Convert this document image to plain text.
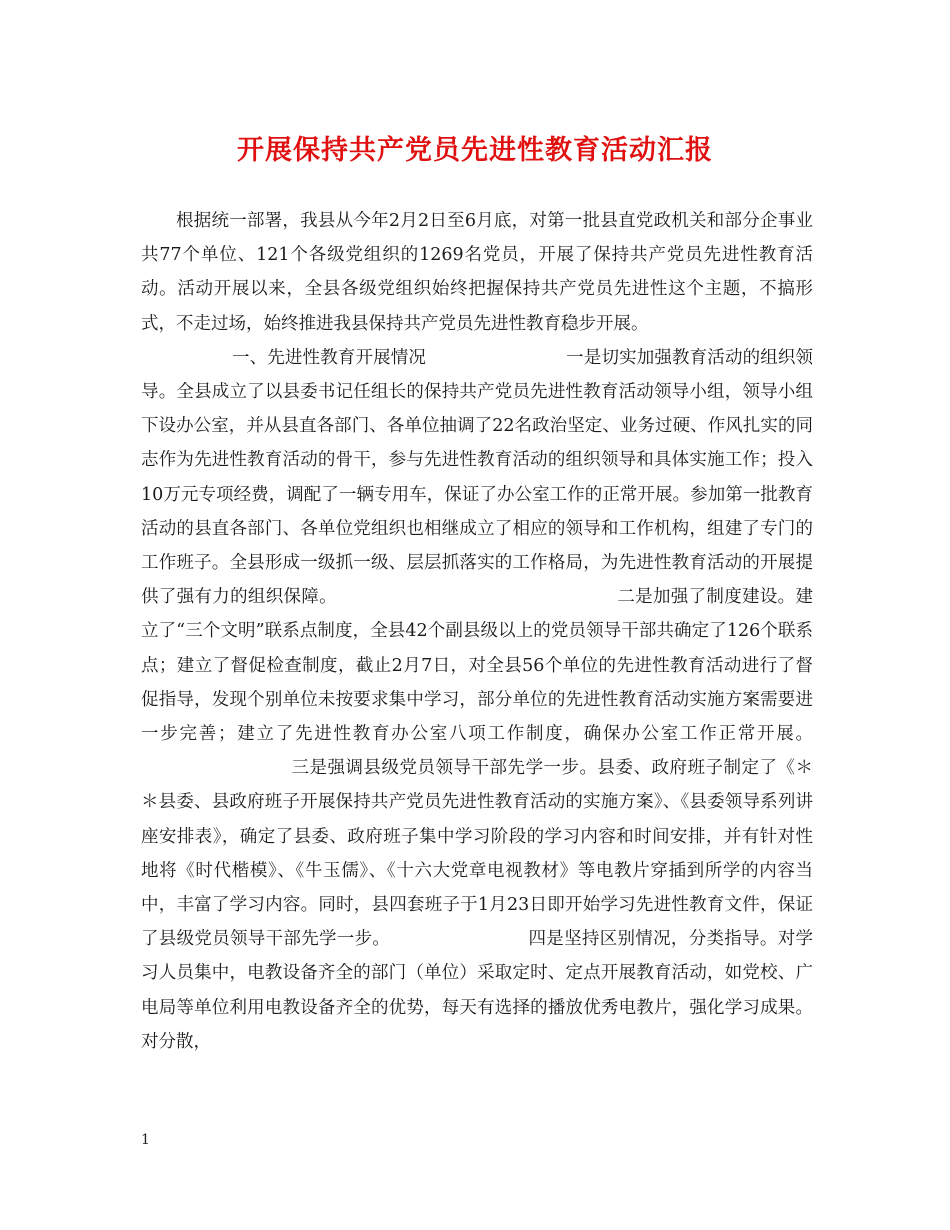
开展保持共产党员先进性教育活动汇报

根据统一部署，我县从今年2月2日至6月底，对第一批县直党政机关和部分企事业共77个单位、121个各级党组织的1269名党员，开展了保持共产党员先进性教育活动。活动开展以来，全县各级党组织始终把握保持共产党员先进性这个主题，不搞形式，不走过场，始终推进我县保持共产党员先进性教育稳步开展。

一、先进性教育开展情况	一是切实加强教育活动的组织领导。全县成立了以县委书记任组长的保持共产党员先进性教育活动领导小组，领导小组下设办公室，并从县直各部门、各单位抽调了22名政治坚定、业务过硬、作风扎实的同志作为先进性教育活动的骨干，参与先进性教育活动的组织领导和具体实施工作；投入10万元专项经费，调配了一辆专用车，保证了办公室工作的正常开展。参加第一批教育活动的县直各部门、各单位党组织也相继成立了相应的领导和工作机构，组建了专门的工作班子。全县形成一级抓一级、层层抓落实的工作格局，为先进性教育活动的开展提供了强有力的组织保障。	二是加强了制度建设。建立了“三个文明”联系点制度，全县42个副县级以上的党员领导干部共确定了126个联系点；建立了督促检查制度，截止2月7日，对全县56个单位的先进性教育活动进行了督促指导，发现个别单位未按要求集中学习，部分单位的先进性教育活动实施方案需要进一步完善；建立了先进性教育办公室八项工作制度，确保办公室工作正常开展。三是强调县级党员领导干部先学一步。县委、政府班子制定了《＊＊县委、县政府班子开展保持共产党员先进性教育活动的实施方案》、《县委领导系列讲座安排表》，确定了县委、政府班子集中学习阶段的学习内容和时间安排，并有针对性地将《时代楷模》、《牛玉儒》、《十六大党章电视教材》等电教片穿插到所学的内容当中，丰富了学习内容。同时，县四套班子于1月23日即开始学习先进性教育文件，保证了县级党员领导干部先学一步。	四是坚持区别情况，分类指导。对学习人员集中，电教设备齐全的部门（单位）采取定时、定点开展教育活动，如党校、广电局等单位利用电教设备齐全的优势，每天有选择的播放优秀电教片，强化学习成果。对分散，

1
